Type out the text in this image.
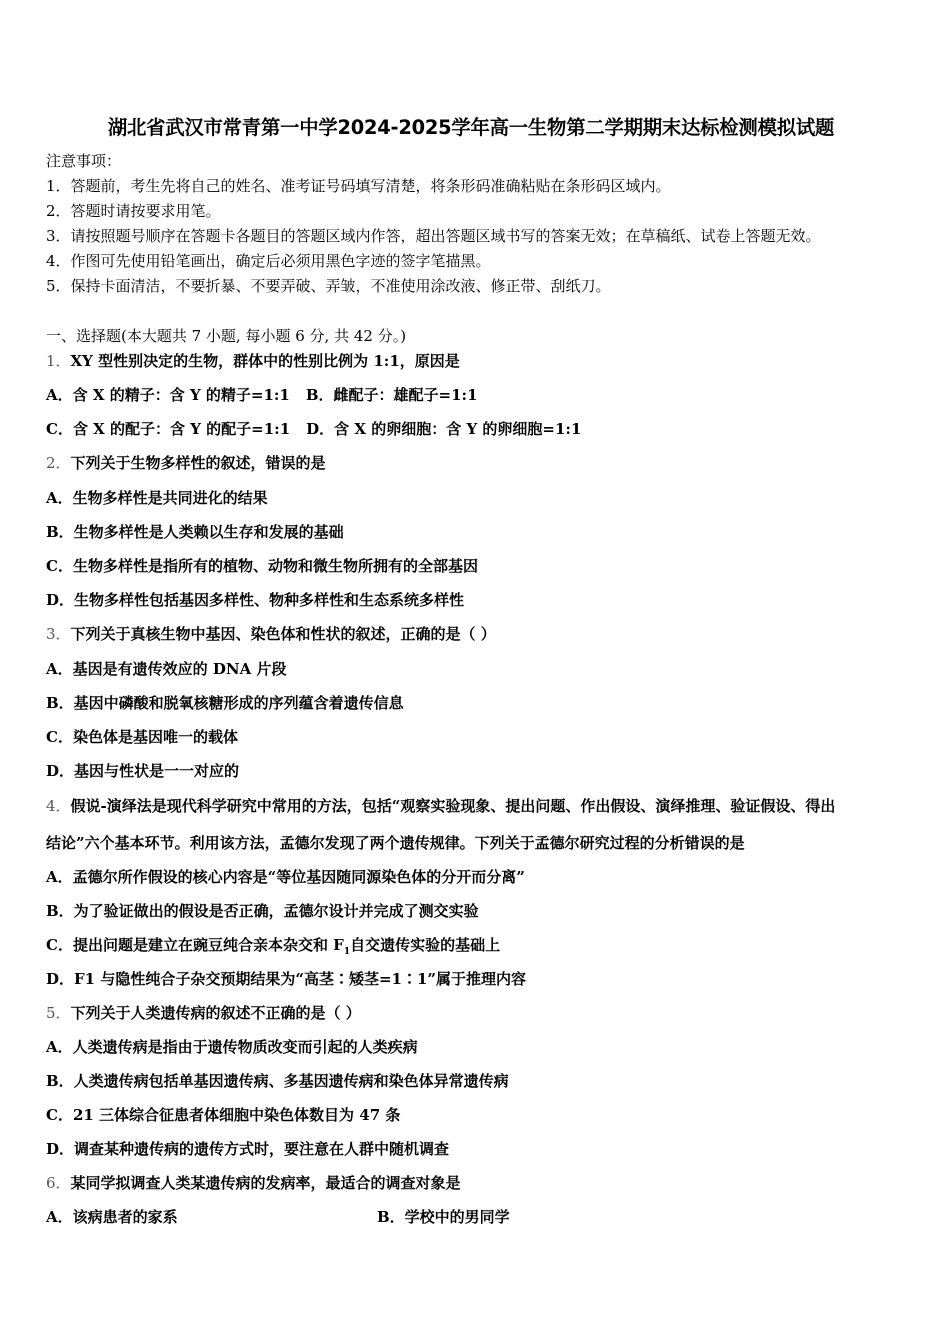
湖北省武汉市常青第一中学2024-2025学年高一生物第二学期期末达标检测模拟试题
注意事项：
1．答题前，考生先将自己的姓名、准考证号码填写清楚，将条形码准确粘贴在条形码区域内。
2．答题时请按要求用笔。
3．请按照题号顺序在答题卡各题目的答题区域内作答，超出答题区域书写的答案无效；在草稿纸、试卷上答题无效。
4．作图可先使用铅笔画出，确定后必须用黑色字迹的签字笔描黑。
5．保持卡面清洁，不要折暴、不要弄破、弄皱，不准使用涂改液、修正带、刮纸刀。
一、选择题(本大题共 7 小题, 每小题 6 分, 共 42 分。)
1．XY 型性别决定的生物，群体中的性别比例为 1:1，原因是
A．含 X 的精子：含 Y 的精子=1:1 B．雌配子：雄配子=1:1
C．含 X 的配子：含 Y 的配子=1:1 D．含 X 的卵细胞：含 Y 的卵细胞=1:1
2．下列关于生物多样性的叙述，错误的是
A．生物多样性是共同进化的结果
B．生物多样性是人类赖以生存和发展的基础
C．生物多样性是指所有的植物、动物和微生物所拥有的全部基因
D．生物多样性包括基因多样性、物种多样性和生态系统多样性
3．下列关于真核生物中基因、染色体和性状的叙述，正确的是（ ）
A．基因是有遗传效应的 DNA 片段
B．基因中磷酸和脱氧核糖形成的序列蕴含着遗传信息
C．染色体是基因唯一的载体
D．基因与性状是一一对应的
4．假说-演绎法是现代科学研究中常用的方法，包括“观察实验现象、提出问题、作出假设、演绎推理、验证假设、得出
结论”六个基本环节。利用该方法，孟德尔发现了两个遗传规律。下列关于孟德尔研究过程的分析错误的是
A．孟德尔所作假设的核心内容是“等位基因随同源染色体的分开而分离”
B．为了验证做出的假设是否正确，孟德尔设计并完成了测交实验
C．提出问题是建立在豌豆纯合亲本杂交和 $F_1$自交遗传实验的基础上
D．F1 与隐性纯合子杂交预期结果为“高茎∶矮茎=1∶1”属于推理内容
5．下列关于人类遗传病的叙述不正确的是（ ）
A．人类遗传病是指由于遗传物质改变而引起的人类疾病
B．人类遗传病包括单基因遗传病、多基因遗传病和染色体异常遗传病
C．21 三体综合征患者体细胞中染色体数目为 47 条
D．调查某种遗传病的遗传方式时，要注意在人群中随机调查
6．某同学拟调查人类某遗传病的发病率，最适合的调查对象是
A．该病患者的家系	B．学校中的男同学
